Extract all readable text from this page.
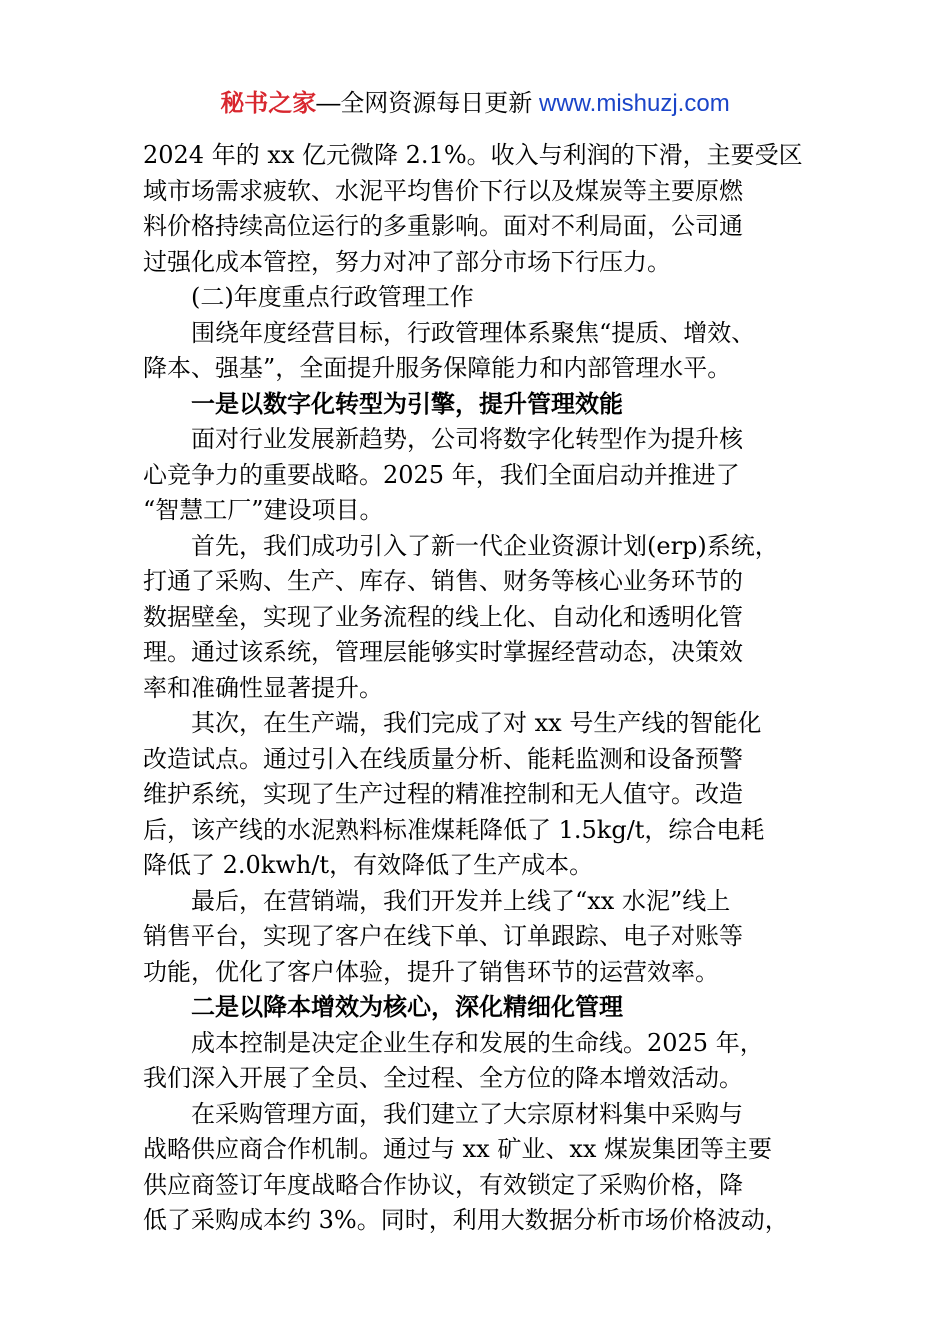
秘书之家—全网资源每日更新 www.mishuzj.com
2024 年的 xx 亿元微降 2.1%。收入与利润的下滑，主要受区
域市场需求疲软、水泥平均售价下行以及煤炭等主要原燃
料价格持续高位运行的多重影响。面对不利局面，公司通
过强化成本管控，努力对冲了部分市场下行压力。
(二)年度重点行政管理工作
围绕年度经营目标，行政管理体系聚焦“提质、增效、
降本、强基”，全面提升服务保障能力和内部管理水平。
一是以数字化转型为引擎，提升管理效能
面对行业发展新趋势，公司将数字化转型作为提升核
心竞争力的重要战略。2025 年，我们全面启动并推进了
“智慧工厂”建设项目。
首先，我们成功引入了新一代企业资源计划(erp)系统，
打通了采购、生产、库存、销售、财务等核心业务环节的
数据壁垒，实现了业务流程的线上化、自动化和透明化管
理。通过该系统，管理层能够实时掌握经营动态，决策效
率和准确性显著提升。
其次，在生产端，我们完成了对 xx 号生产线的智能化
改造试点。通过引入在线质量分析、能耗监测和设备预警
维护系统，实现了生产过程的精准控制和无人值守。改造
后，该产线的水泥熟料标准煤耗降低了 1.5kg/t，综合电耗
降低了 2.0kwh/t，有效降低了生产成本。
最后，在营销端，我们开发并上线了“xx 水泥”线上
销售平台，实现了客户在线下单、订单跟踪、电子对账等
功能，优化了客户体验，提升了销售环节的运营效率。
二是以降本增效为核心，深化精细化管理
成本控制是决定企业生存和发展的生命线。2025 年，
我们深入开展了全员、全过程、全方位的降本增效活动。
在采购管理方面，我们建立了大宗原材料集中采购与
战略供应商合作机制。通过与 xx 矿业、xx 煤炭集团等主要
供应商签订年度战略合作协议，有效锁定了采购价格，降
低了采购成本约 3%。同时，利用大数据分析市场价格波动，
